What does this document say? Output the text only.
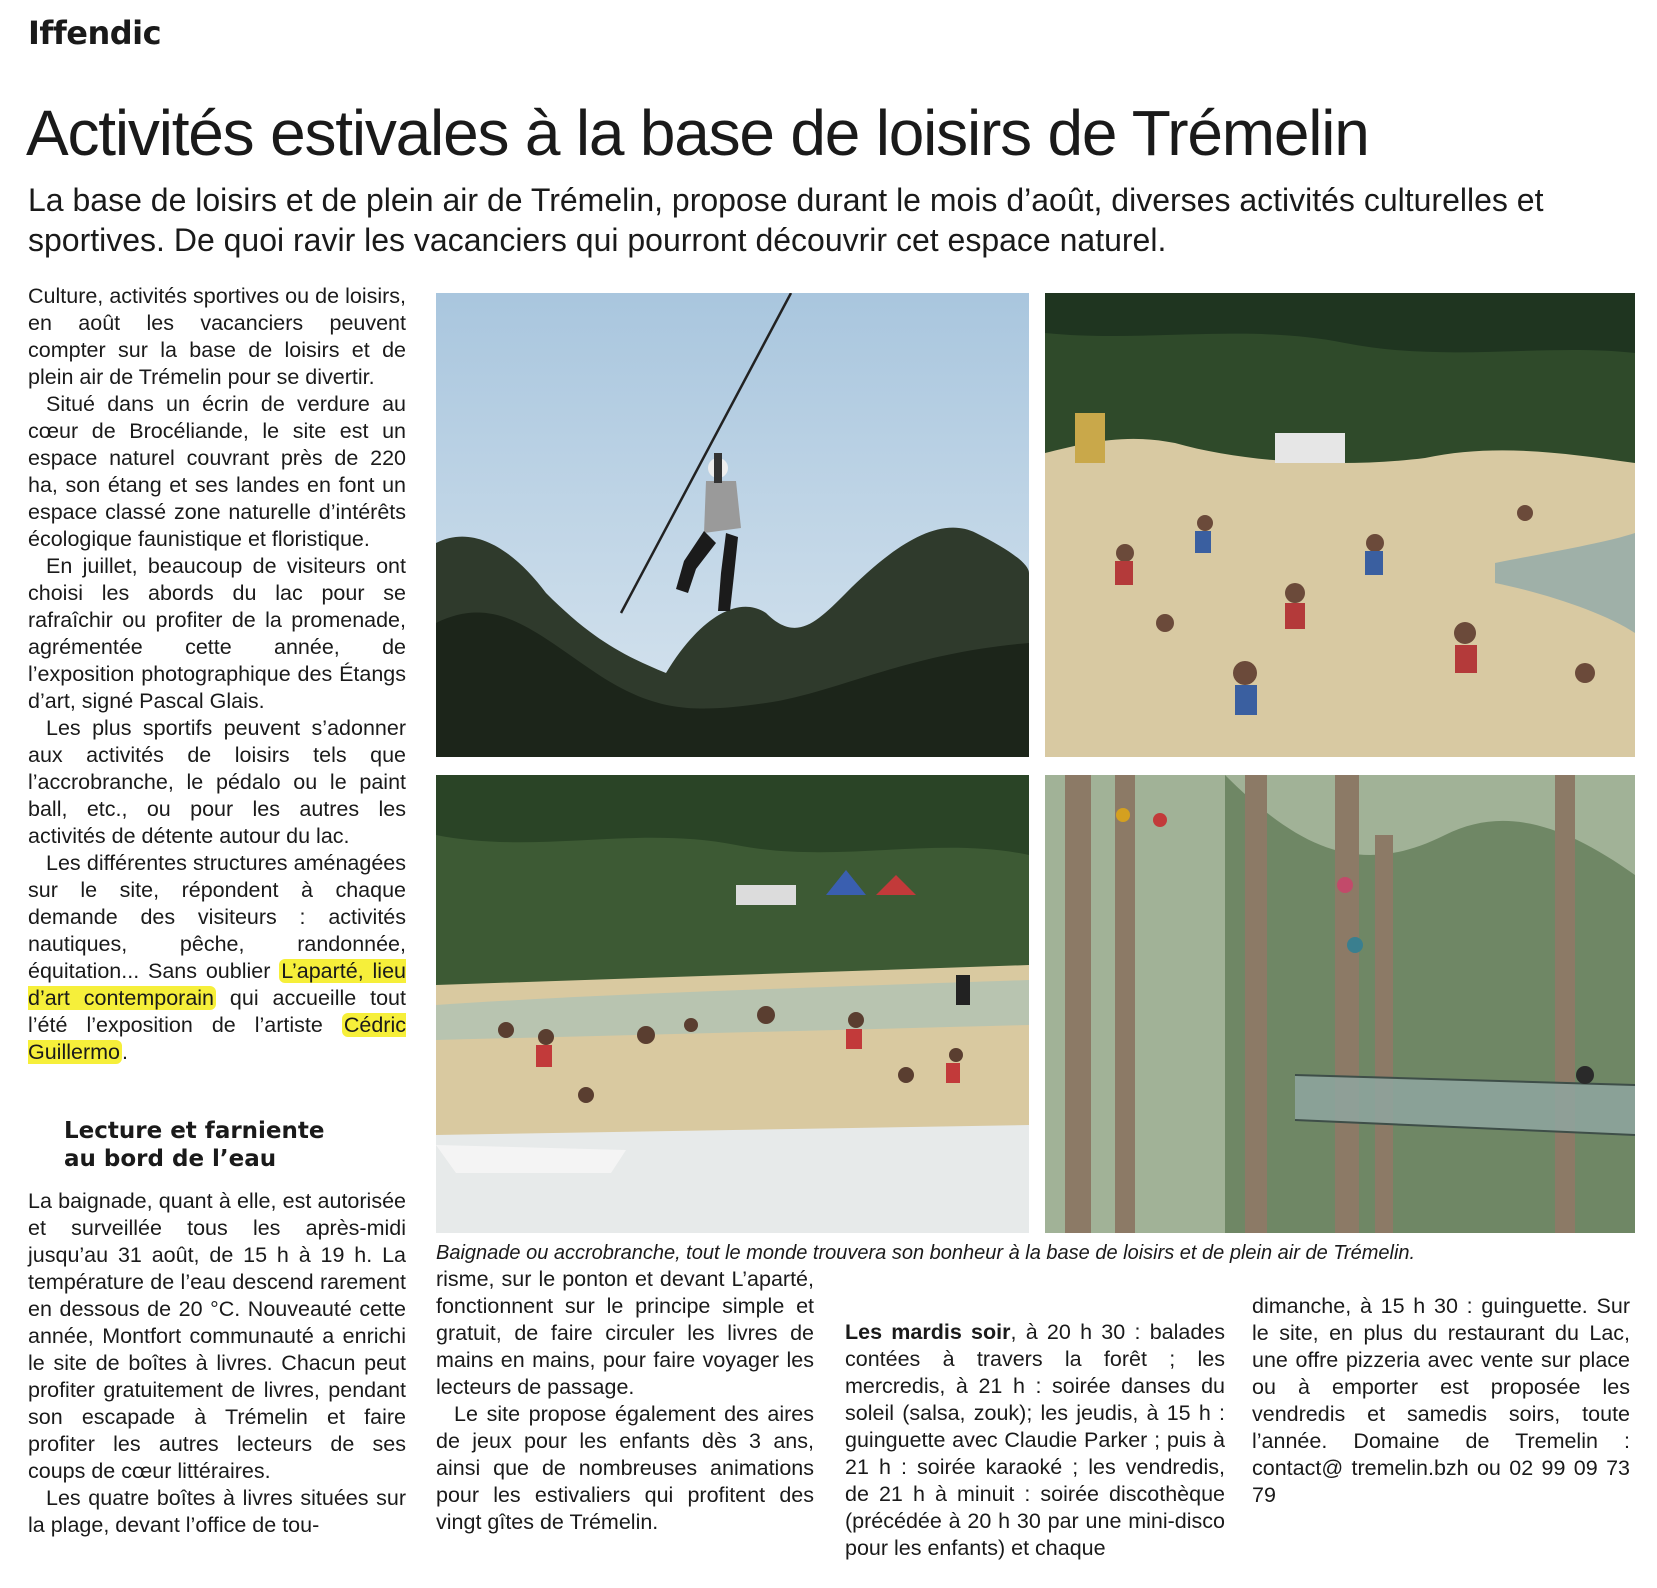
Iffendic
Activités estivales à la base de loisirs de Trémelin
La base de loisirs et de plein air de Trémelin, propose durant le mois d’août, diverses activités culturelles et sportives. De quoi ravir les vacanciers qui pourront découvrir cet espace naturel.

Culture, activités sportives ou de loisirs, en août les vacanciers peuvent compter sur la base de loisirs et de plein air de Trémelin pour se divertir.

Situé dans un écrin de verdure au cœur de Brocéliande, le site est un espace naturel couvrant près de 220 ha, son étang et ses landes en font un espace classé zone naturelle d’intérêts écologique faunistique et floristique.

En juillet, beaucoup de visiteurs ont choisi les abords du lac pour se rafraîchir ou profiter de la promenade, agrémentée cette année, de l’exposition photographique des Étangs d’art, signé Pascal Glais.

Les plus sportifs peuvent s’adonner aux activités de loisirs tels que l’accrobranche, le pédalo ou le paint ball, etc., ou pour les autres les activités de détente autour du lac.

Les différentes structures aménagées sur le site, répondent à chaque demande des visiteurs : activités nautiques, pêche, randonnée, équitation... Sans oublier L’aparté, lieu d’art contemporain qui accueille tout l’été l’exposition de l’artiste Cédric Guillermo.

Lecture et farniente
au bord de l’eau

La baignade, quant à elle, est autorisée et surveillée tous les après-midi jusqu’au 31 août, de 15 h à 19 h. La température de l’eau descend rarement en dessous de 20 °C. Nouveauté cette année, Montfort communauté a enrichi le site de boîtes à livres. Chacun peut profiter gratuitement de livres, pendant son escapade à Trémelin et faire profiter les autres lecteurs de ses coups de cœur littéraires.

Les quatre boîtes à livres situées sur la plage, devant l’office de tou-

Baignade ou accrobranche, tout le monde trouvera son bonheur à la base de loisirs et de plein air de Trémelin.

risme, sur le ponton et devant L’aparté, fonctionnent sur le principe simple et gratuit, de faire circuler les livres de mains en mains, pour faire voyager les lecteurs de passage.

Le site propose également des aires de jeux pour les enfants dès 3 ans, ainsi que de nombreuses animations pour les estivaliers qui profitent des vingt gîtes de Trémelin.

Les mardis soir, à 20 h 30 : balades contées à travers la forêt ; les mercredis, à 21 h : soirée danses du soleil (salsa, zouk); les jeudis, à 15 h : guinguette avec Claudie Parker ; puis à 21 h : soirée karaoké ; les vendredis, de 21 h à minuit : soirée discothèque (précédée à 20 h 30 par une mini-disco pour les enfants) et chaque

dimanche, à 15 h 30 : guinguette. Sur le site, en plus du restaurant du Lac, une offre pizzeria avec vente sur place ou à emporter est proposée les vendredis et samedis soirs, toute l’année. Domaine de Tremelin : contact@ tremelin.bzh ou 02 99 09 73 79
